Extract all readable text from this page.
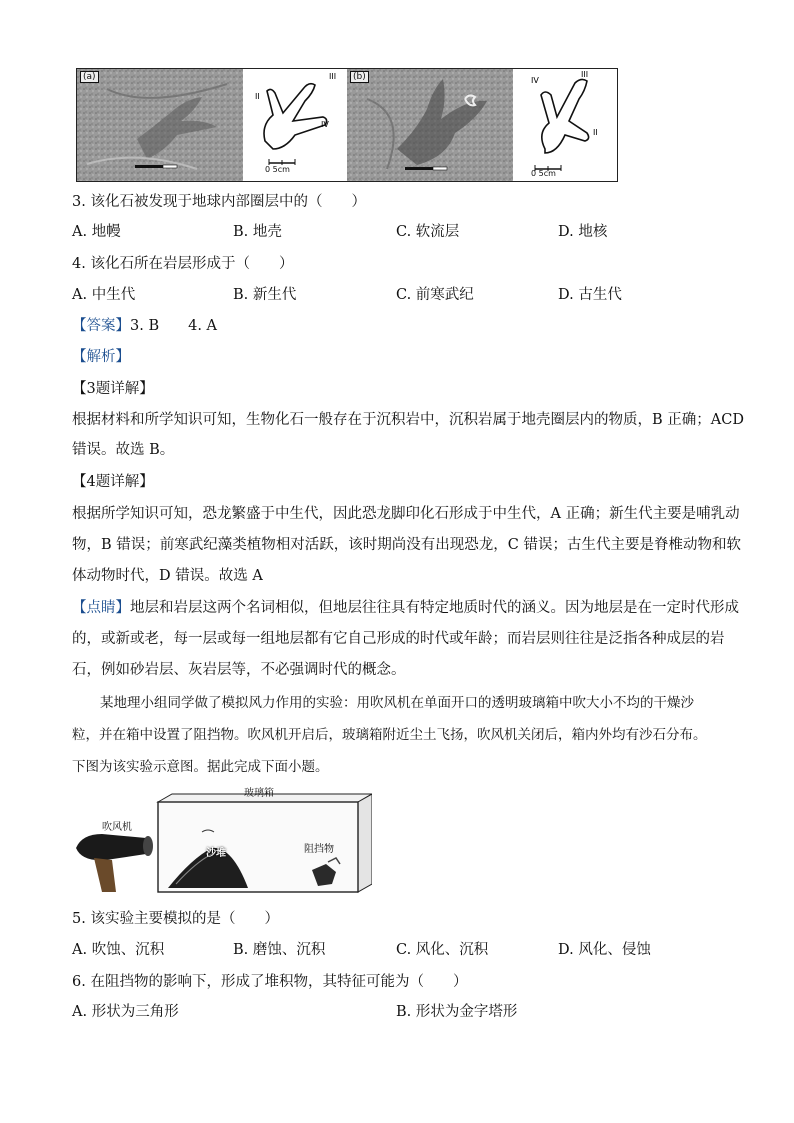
(a)
II
III
IV
0 5cm
(b)	IV
III
II
0 5cm
3. 该化石被发现于地球内部圈层中的（　　）
A. 地幔	B. 地壳	C. 软流层	D. 地核
4. 该化石所在岩层形成于（　　）
A. 中生代	B. 新生代	C. 前寒武纪	D. 古生代
【答案】3. B　　4. A
【解析】
【3题详解】
根据材料和所学知识可知，生物化石一般存在于沉积岩中，沉积岩属于地壳圈层内的物质，B 正确；ACD
错误。故选 B。
【4题详解】
根据所学知识可知，恐龙繁盛于中生代，因此恐龙脚印化石形成于中生代，A 正确；新生代主要是哺乳动
物，B 错误；前寒武纪藻类植物相对活跃，该时期尚没有出现恐龙，C 错误；古生代主要是脊椎动物和软
体动物时代，D 错误。故选 A
【点睛】地层和岩层这两个名词相似，但地层往往具有特定地质时代的涵义。因为地层是在一定时代形成
的，或新或老，每一层或每一组地层都有它自己形成的时代或年龄；而岩层则往往是泛指各种成层的岩
石，例如砂岩层、灰岩层等，不必强调时代的概念。
某地理小组同学做了模拟风力作用的实验：用吹风机在单面开口的透明玻璃箱中吹大小不均的干燥沙
粒，并在箱中设置了阻挡物。吹风机开启后，玻璃箱附近尘土飞扬，吹风机关闭后，箱内外均有沙石分布。
下图为该实验示意图。据此完成下面小题。
玻璃箱
吹风机
沙堆	阻挡物
5. 该实验主要模拟的是（　　）
A. 吹蚀、沉积	B. 磨蚀、沉积	C. 风化、沉积	D. 风化、侵蚀
6. 在阻挡物的影响下，形成了堆积物，其特征可能为（　　）
A. 形状为三角形	B. 形状为金字塔形
